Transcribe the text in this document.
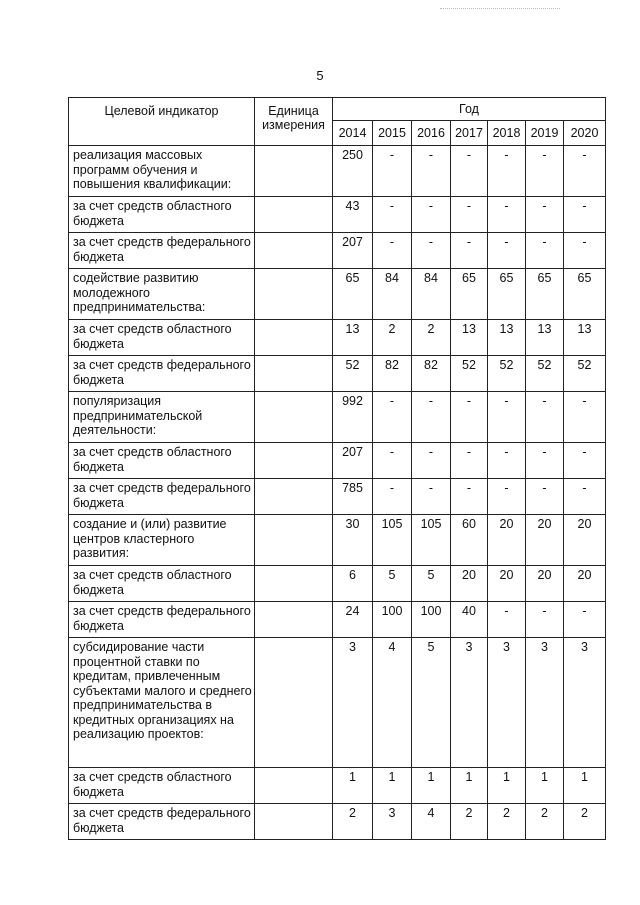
5
Целевой индикатор	Единица измерения	Год						
		2014	2015	2016	2017	2018	2019	2020
реализация массовых программ обучения и повышения квалификации:		250	-	-	-	-	-	-
за счет средств областного бюджета		43	-	-	-	-	-	-
за счет средств федерального бюджета		207	-	-	-	-	-	-
содействие развитию молодежного предпринимательства:		65	84	84	65	65	65	65
за счет средств областного бюджета		13	2	2	13	13	13	13
за счет средств федерального бюджета		52	82	82	52	52	52	52
популяризация предпринимательской деятельности:		992	-	-	-	-	-	-
за счет средств областного бюджета		207	-	-	-	-	-	-
за счет средств федерального бюджета		785	-	-	-	-	-	-
создание и (или) развитие центров кластерного развития:		30	105	105	60	20	20	20
за счет средств областного бюджета		6	5	5	20	20	20	20
за счет средств федерального бюджета		24	100	100	40	-	-	-
субсидирование части процентной ставки по кредитам, привлеченным субъектами малого и среднего предпринимательства в кредитных организациях на реализацию проектов:		3	4	5	3	3	3	3
за счет средств областного бюджета		1	1	1	1	1	1	1
за счет средств федерального бюджета		2	3	4	2	2	2	2
